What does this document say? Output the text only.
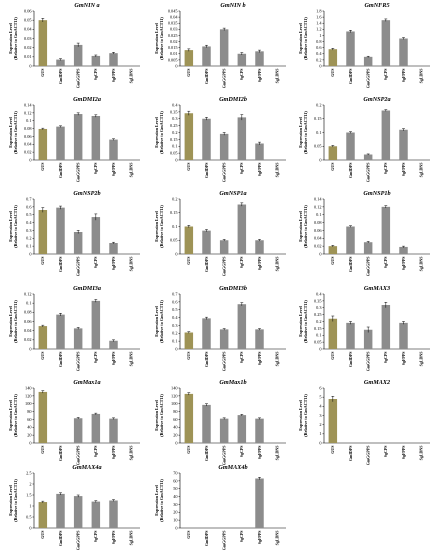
GmNIN a
Expression Level (Relative to GmACT11)
0
0.01
0.02
0.03
0.04
0.05
0.06
GUS	GmIDPS	GmGGPPS	SgCPS	SgFPPS	SgLDNS
GmNIN b
Expression Level (Relative to GmACT11)
0
0.005
0.01
0.015
0.02
0.025
0.03
0.035
0.04
0.045
GUS	GmIDPS	GmGGPPS	SgCPS	SgFPPS	SgLDNS
GmNFR5
Expression Level (Relative to GmACT11)
0
0.2
0.4
0.6
0.8
1
1.2
1.4
1.6
1.8
GUS	GmIDPS	GmGGPPS	SgCPS	SgFPPS	SgLDNS
GmDMI2a
Expression Level (Relative to GmACT11)
0
0.02
0.04
0.06
0.08
0.1
0.12
0.14
GUS	GmIDPS	GmGGPPS	SgCPS	SgFPPS	SgLDNS
GmDMI2b
Expression Level (Relative to GmACT11)
0
0.05
0.1
0.15
0.2
0.25
0.3
0.35
0.4
GUS	GmIDPS	GmGGPPS	SgCPS	SgFPPS	SgLDNS
GmNSP2a
Expression Level (Relative to GmACT11)
0
0.05
0.1
0.15
0.2
GUS	GmIDPS	GmGGPPS	SgCPS	SgFPPS	SgLDNS
GmNSP2b
Expression Level (Relative to GmACT11)
0
0.1
0.2
0.3
0.4
0.5
0.6
0.7
GUS	GmIDPS	GmGGPPS	SgCPS	SgFPPS	SgLDNS
GmNSP1a
Expression Level (Relative to GmACT11)
0
0.05
0.1
0.15
0.2
GUS	GmIDPS	GmGGPPS	SgCPS	SgFPPS	SgLDNS
GmNSP1b
Expression Level (Relative to GmACT11)
0
0.02
0.04
0.06
0.08
0.1
0.12
0.14
GUS	GmIDPS	GmGGPPS	SgCPS	SgFPPS	SgLDNS
GmDMI3a
Expression Level (Relative to GmACT11)
0
0.02
0.04
0.06
0.08
0.1
0.12
GUS	GmIDPS	GmGGPPS	SgCPS	SgFPPS	SgLDNS
GmDMI3b
Expression Level (Relative to GmACT11)
0
0.1
0.2
0.3
0.4
0.5
0.6
0.7
GUS	GmIDPS	GmGGPPS	SgCPS	SgFPPS	SgLDNS
GmMAX3
Expression Level (Relative to GmACT11)
0
0.05
0.1
0.15
0.2
0.25
0.3
0.35
0.4
GUS	GmIDPS	GmGGPPS	SgCPS	SgFPPS	SgLDNS
GmMax1a
Expression Level (Relative to GmACT11)
0
20
40
60
80
100
120
140
GUS	GmIDPS	GmGGPPS	SgCPS	SgFPPS	SgLDNS
GmMax1b
Expression Level (Relative to GmACT11)
0
20
40
60
80
100
120
140
GUS	GmIDPS	GmGGPPS	SgCPS	SgFPPS	SgLDNS
GmMAX2
Expression Level (Relative to GmACT11)
0
1
2
3
4
5
6
GUS	GmIDPS	GmGGPPS	SgCPS	SgFPPS	SgLDNS
GmMAX4a
Expression Level (Relative to GmACT11)
0
0.5
1
1.5
2
2.5
GUS	GmIDPS	GmGGPPS	SgCPS	SgFPPS	SgLDNS
GmMAX4b
Expression Level (Relative to GmACT11)
0
10
20
30
40
50
60
70
GUS	GmIDPS	GmGGPPS	SgCPS	SgFPPS	SgLDNS
